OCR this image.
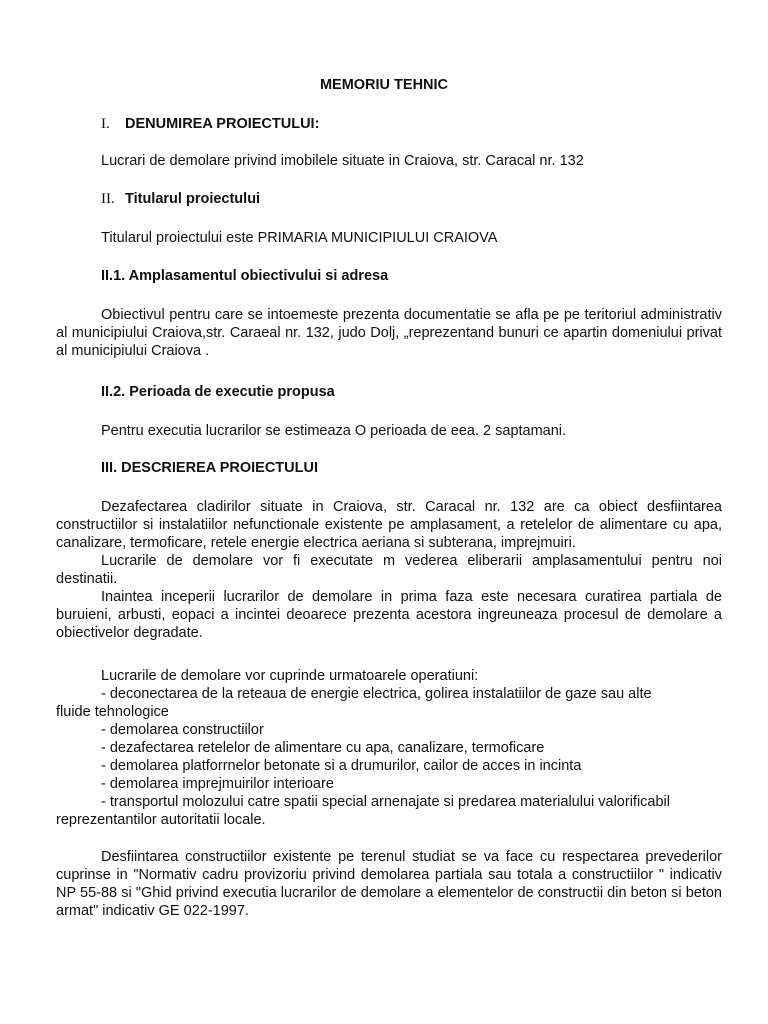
MEMORIU TEHNIC
I. DENUMIREA PROIECTULUI:
Lucrari de demolare privind imobilele situate in Craiova, str. Caracal nr. 132
II. Titularul proiectului
Titularul proiectului este PRIMARIA MUNICIPIULUI CRAIOVA
II.1. Amplasamentul obiectivului si adresa

Obiectivul pentru care se intoemeste prezenta documentatie se afla pe pe teritoriul administrativ al municipiului Craiova,str. Caraeal nr. 132, judo Dolj, „reprezentand bunuri ce apartin domeniului privat al municipiului Craiova .

II.2. Perioada de executie propusa
Pentru executia lucrarilor se estimeaza O perioada de eea. 2 saptamani.
III. DESCRIEREA PROIECTULUI

Dezafectarea cladirilor situate in Craiova, str. Caracal nr. 132 are ca obiect desfiintarea constructiilor si instalatiilor nefunctionale existente pe amplasament, a retelelor de alimentare cu apa, canalizare, termoficare, retele energie electrica aeriana si subterana, imprejmuiri.

Lucrarile de demolare vor fi executate m vederea eliberarii amplasamentului pentru noi destinatii.

Inaintea inceperii lucrarilor de demolare in prima faza este necesara curatirea partiala de buruieni, arbusti, eopaci a incintei deoarece prezenta acestora ingreuneaza procesul de demolare a obiectivelor degradate.

Lucrarile de demolare vor cuprinde urmatoarele operatiuni:

- deconectarea de la reteaua de energie electrica, golirea instalatiilor de gaze sau alte

fluide tehnologice

- demolarea constructiilor

- dezafectarea retelelor de alimentare cu apa, canalizare, termoficare

- demolarea platforrnelor betonate si a drumurilor, cailor de acces in incinta

- demolarea imprejmuirilor interioare

- transportul molozului catre spatii special arnenajate si predarea materialului valorificabil

reprezentantilor autoritatii locale.

Desfiintarea constructiilor existente pe terenul studiat se va face cu respectarea prevederilor cuprinse in "Normativ cadru provizoriu privind demolarea partiala sau totala a constructiilor " indicativ NP 55-88 si "Ghid privind executia lucrarilor de demolare a elementelor de constructii din beton si beton armat" indicativ GE 022-1997.
